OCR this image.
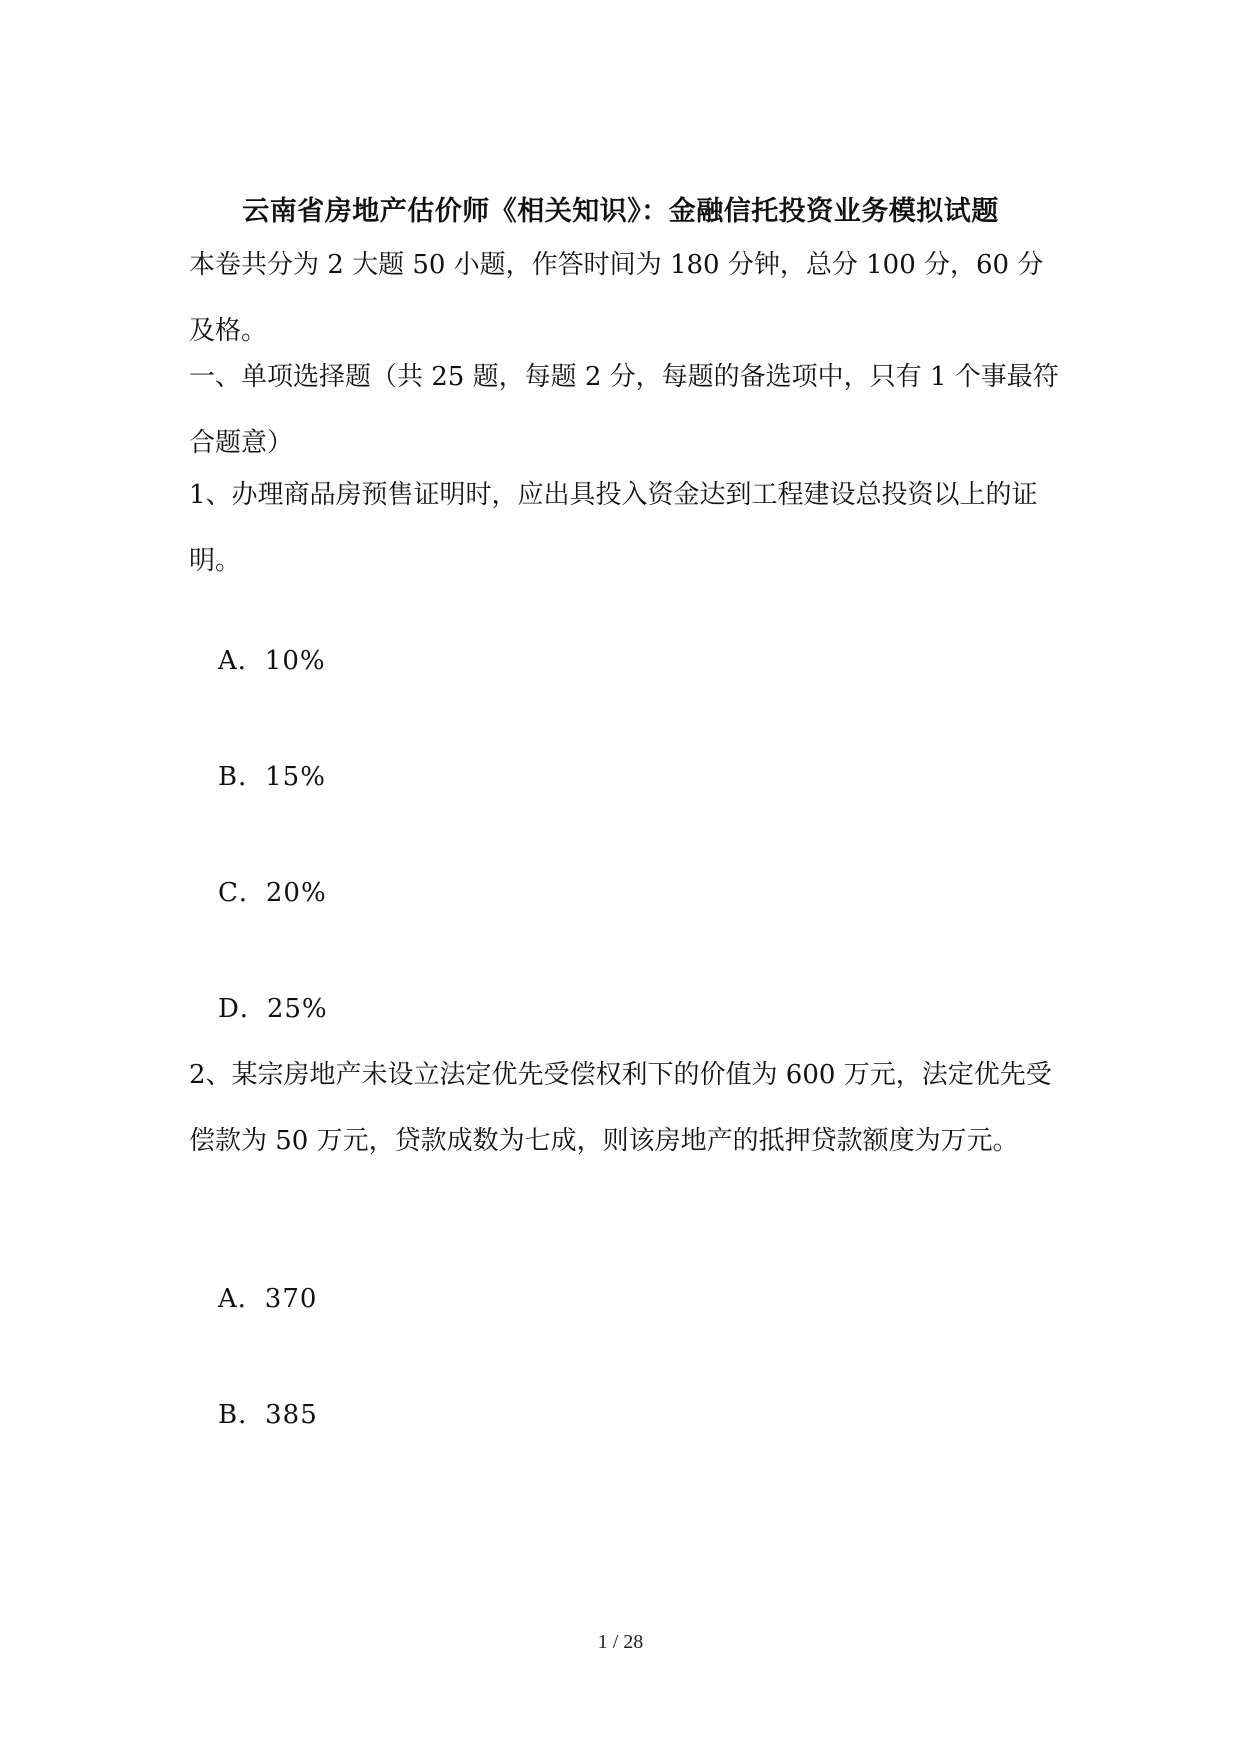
云南省房地产估价师《相关知识》：金融信托投资业务模拟试题

本卷共分为 2 大题 50 小题，作答时间为 180 分钟，总分 100 分，60 分及格。

一、单项选择题（共 25 题，每题 2 分，每题的备选项中，只有 1 个事最符合题意）

1、办理商品房预售证明时，应出具投入资金达到工程建设总投资以上的证明。

A．10%
B．15%
C．20%
D．25%

2、某宗房地产未设立法定优先受偿权利下的价值为 600 万元，法定优先受偿款为 50 万元，贷款成数为七成，则该房地产的抵押贷款额度为万元。

A．370
B．385
1 / 28
